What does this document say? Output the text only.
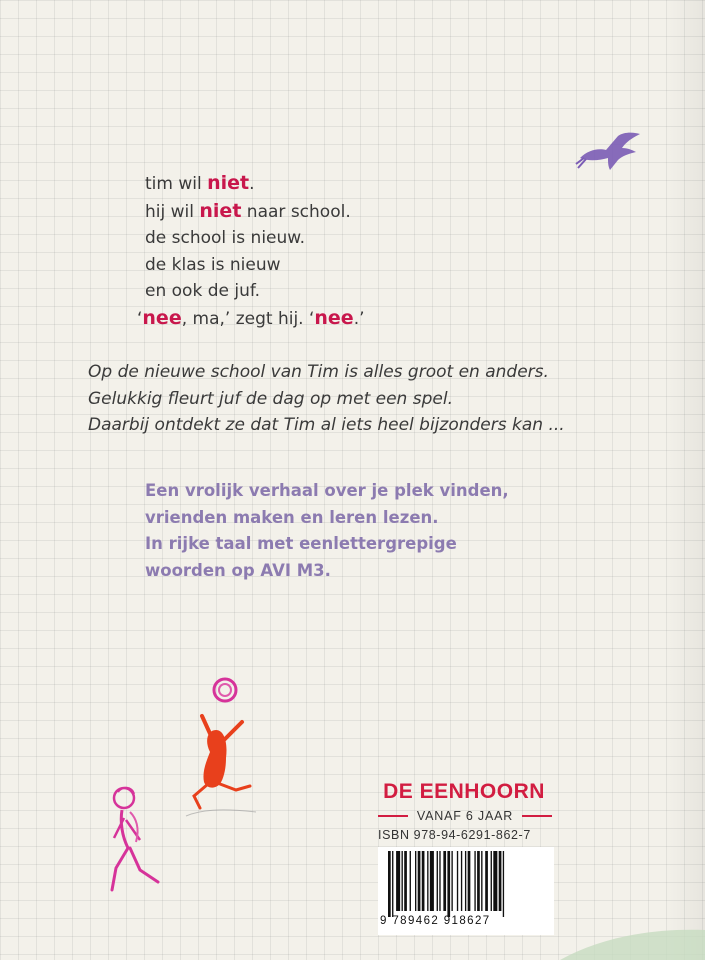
tim wil niet.
hij wil niet naar school.
de school is nieuw.
de klas is nieuw
en ook de juf.
‘nee, ma,’ zegt hij. ‘nee.’
Op de nieuwe school van Tim is alles groot en anders.
Gelukkig fleurt juf de dag op met een spel.
Daarbij ontdekt ze dat Tim al iets heel bijzonders kan ...
Een vrolijk verhaal over je plek vinden,
vrienden maken en leren lezen.
In rijke taal met eenlettergrepige
woorden op AVI M3.
DE EENHOORN
VANAF 6 JAAR
ISBN 978-94-6291-862-7
9 789462 918627
